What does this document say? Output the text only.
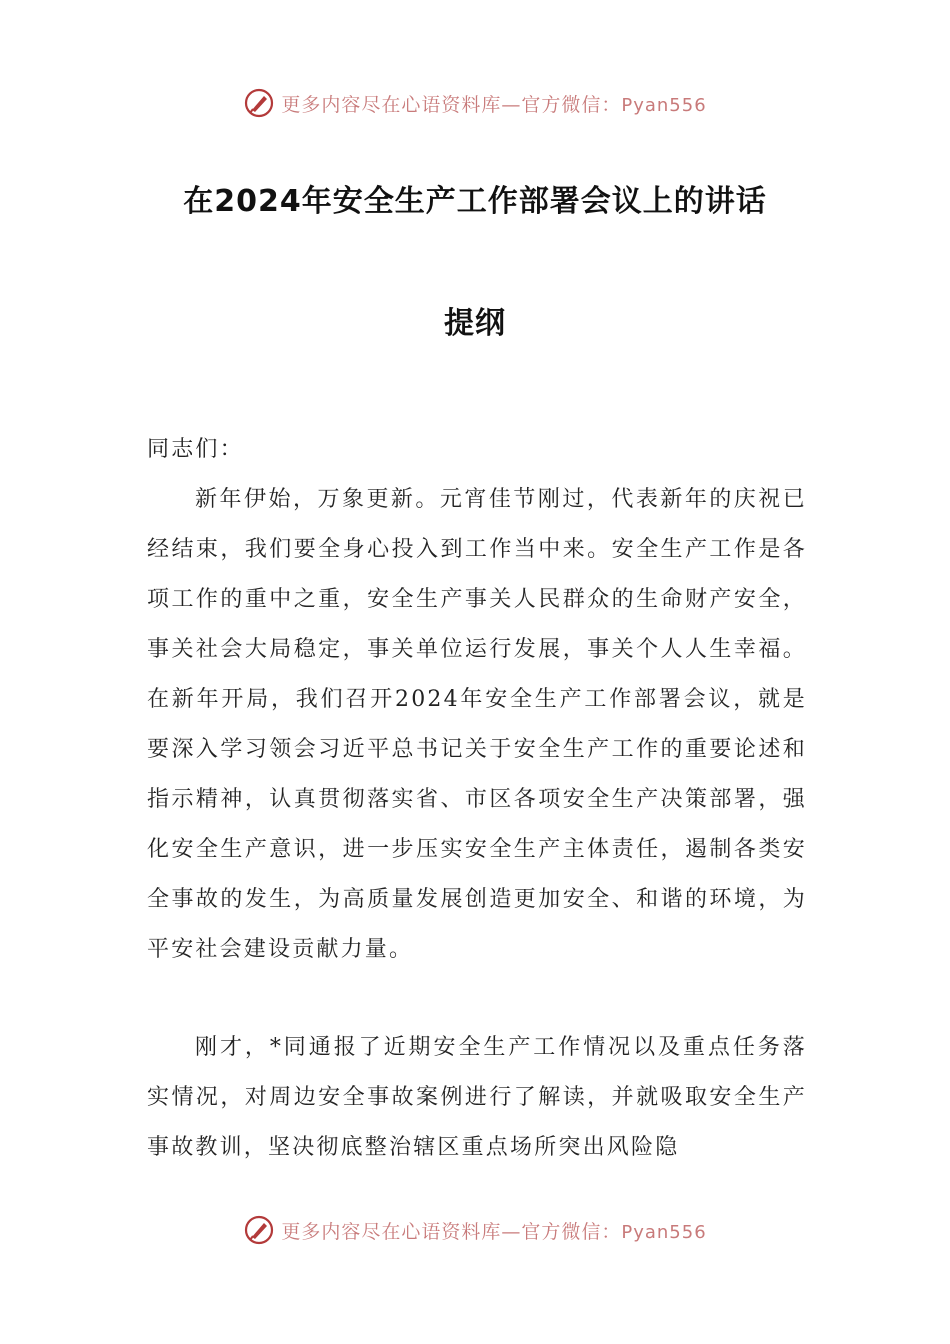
更多内容尽在心语资料库—官方微信：Pyan556
在2024年安全生产工作部署会议上的讲话
提纲
同志们：
新年伊始，万象更新。元宵佳节刚过，代表新年的庆祝已经结束，我们要全身心投入到工作当中来。安全生产工作是各项工作的重中之重，安全生产事关人民群众的生命财产安全，事关社会大局稳定，事关单位运行发展，事关个人人生幸福。在新年开局，我们召开2024年安全生产工作部署会议，就是要深入学习领会习近平总书记关于安全生产工作的重要论述和指示精神，认真贯彻落实省、市区各项安全生产决策部署，强化安全生产意识，进一步压实安全生产主体责任，遏制各类安全事故的发生，为高质量发展创造更加安全、和谐的环境，为平安社会建设贡献力量。
刚才，*同通报了近期安全生产工作情况以及重点任务落实情况，对周边安全事故案例进行了解读，并就吸取安全生产事故教训，坚决彻底整治辖区重点场所突出风险隐
更多内容尽在心语资料库—官方微信：Pyan556
